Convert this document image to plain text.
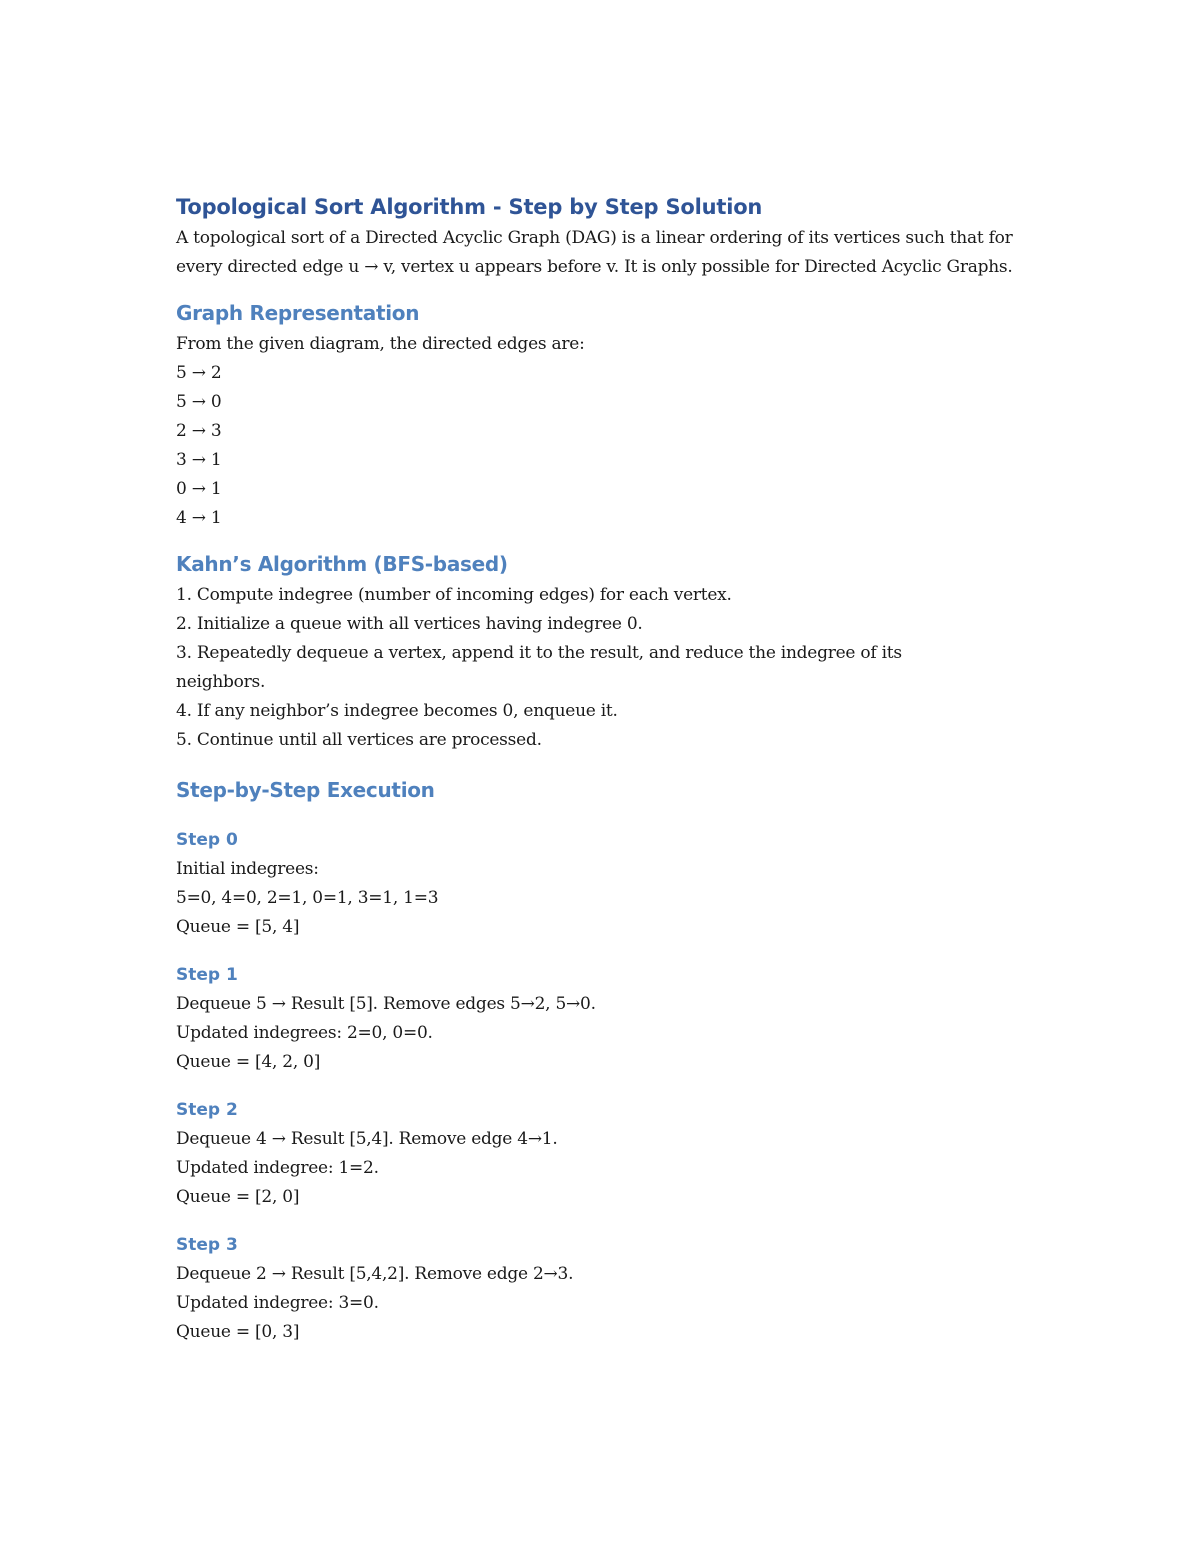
Topological Sort Algorithm - Step by Step Solution
A topological sort of a Directed Acyclic Graph (DAG) is a linear ordering of its vertices such that for every directed edge u → v, vertex u appears before v. It is only possible for Directed Acyclic Graphs.
Graph Representation
From the given diagram, the directed edges are:
5 → 2
5 → 0
2 → 3
3 → 1
0 → 1
4 → 1
Kahn’s Algorithm (BFS-based)
1. Compute indegree (number of incoming edges) for each vertex.
2. Initialize a queue with all vertices having indegree 0.
3. Repeatedly dequeue a vertex, append it to the result, and reduce the indegree of its
neighbors.
4. If any neighbor’s indegree becomes 0, enqueue it.
5. Continue until all vertices are processed.
Step-by-Step Execution
Step 0
Initial indegrees:
5=0, 4=0, 2=1, 0=1, 3=1, 1=3
Queue = [5, 4]
Step 1
Dequeue 5 → Result [5]. Remove edges 5→2, 5→0.
Updated indegrees: 2=0, 0=0.
Queue = [4, 2, 0]
Step 2
Dequeue 4 → Result [5,4]. Remove edge 4→1.
Updated indegree: 1=2.
Queue = [2, 0]
Step 3
Dequeue 2 → Result [5,4,2]. Remove edge 2→3.
Updated indegree: 3=0.
Queue = [0, 3]
